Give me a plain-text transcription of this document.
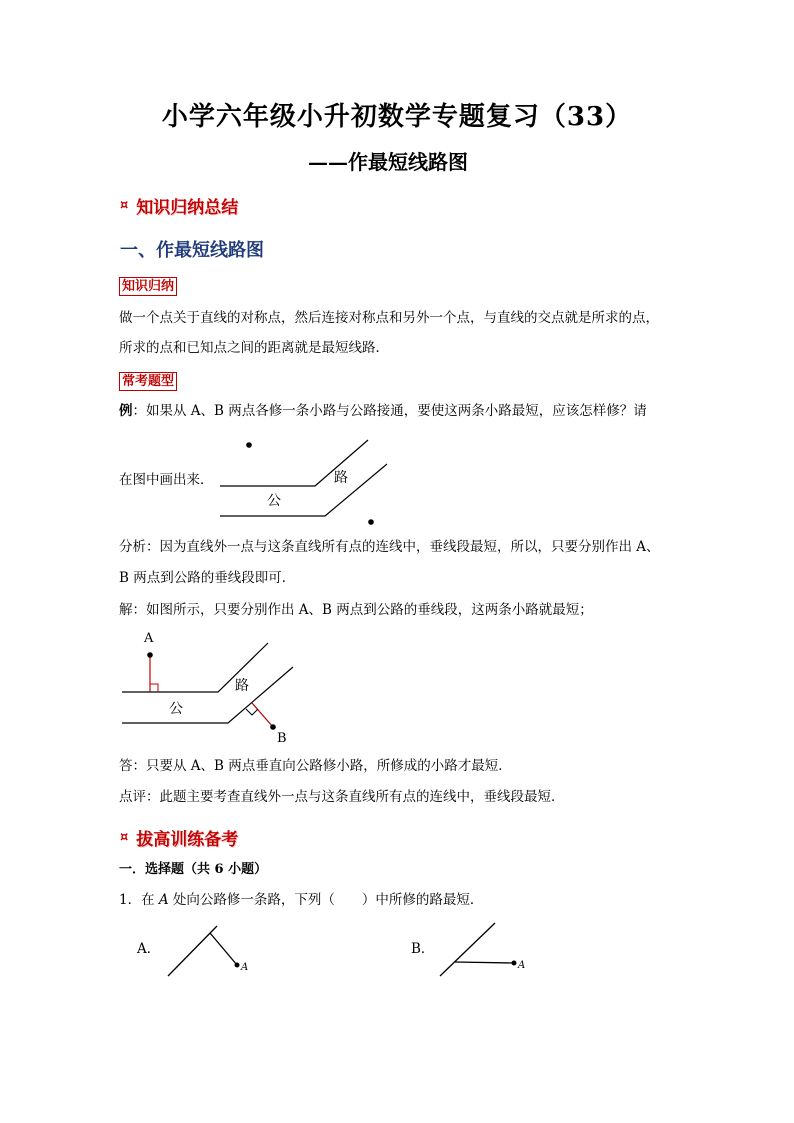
小学六年级小升初数学专题复习（33）
——作最短线路图
¤ 知识归纳总结
一、作最短线路图
知识归纳
做一个点关于直线的对称点，然后连接对称点和另外一个点，与直线的交点就是所求的点，
所求的点和已知点之间的距离就是最短线路．
常考题型
例：如果从 A、B 两点各修一条小路与公路接通，要使这两条小路最短，应该怎样修？请
在图中画出来．	路
公
分析：因为直线外一点与这条直线所有点的连线中，垂线段最短，所以，只要分别作出 A、
B 两点到公路的垂线段即可．
解：如图所示，只要分别作出 A、B 两点到公路的垂线段，这两条小路就最短；
A
B
路
公
答：只要从 A、B 两点垂直向公路修小路，所修成的小路才最短．
点评：此题主要考查直线外一点与这条直线所有点的连线中，垂线段最短．
¤ 拔高训练备考
一．选择题（共 6 小题）
1．在 A 处向公路修一条路，下列（　　）中所修的路最短．
A．
A
B．
A
